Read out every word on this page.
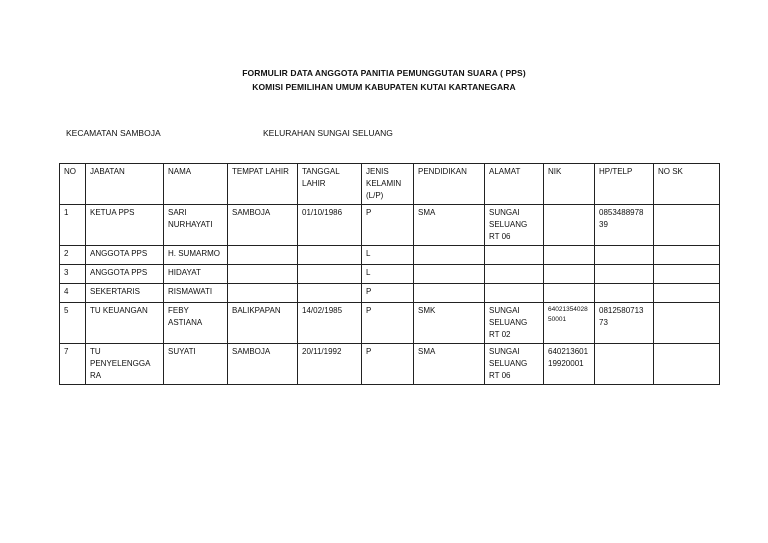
FORMULIR DATA ANGGOTA PANITIA PEMUNGGUTAN SUARA ( PPS)
KOMISI PEMILIHAN UMUM KABUPATEN KUTAI KARTANEGARA
KECAMATAN SAMBOJA	KELURAHAN SUNGAI SELUANG
NO	JABATAN	NAMA	TEMPAT LAHIR	TANGGAL LAHIR	JENIS KELAMIN (L/P)	PENDIDIKAN	ALAMAT	NIK	HP/TELP	NO SK
1	KETUA PPS	SARI NURHAYATI	SAMBOJA	01/10/1986	P	SMA	SUNGAI SELUANG RT 06		0853488978 39	
2	ANGGOTA PPS	H. SUMARMO			L					
3	ANGGOTA PPS	HIDAYAT			L					
4	SEKERTARIS	RISMAWATI			P					
5	TU KEUANGAN	FEBY ASTIANA	BALIKPAPAN	14/02/1985	P	SMK	SUNGAI SELUANG RT 02	64021354028 50001	0812580713 73	
7	TU PENYELENGGA RA	SUYATI	SAMBOJA	20/11/1992	P	SMA	SUNGAI SELUANG RT 06	640213601 19920001		
